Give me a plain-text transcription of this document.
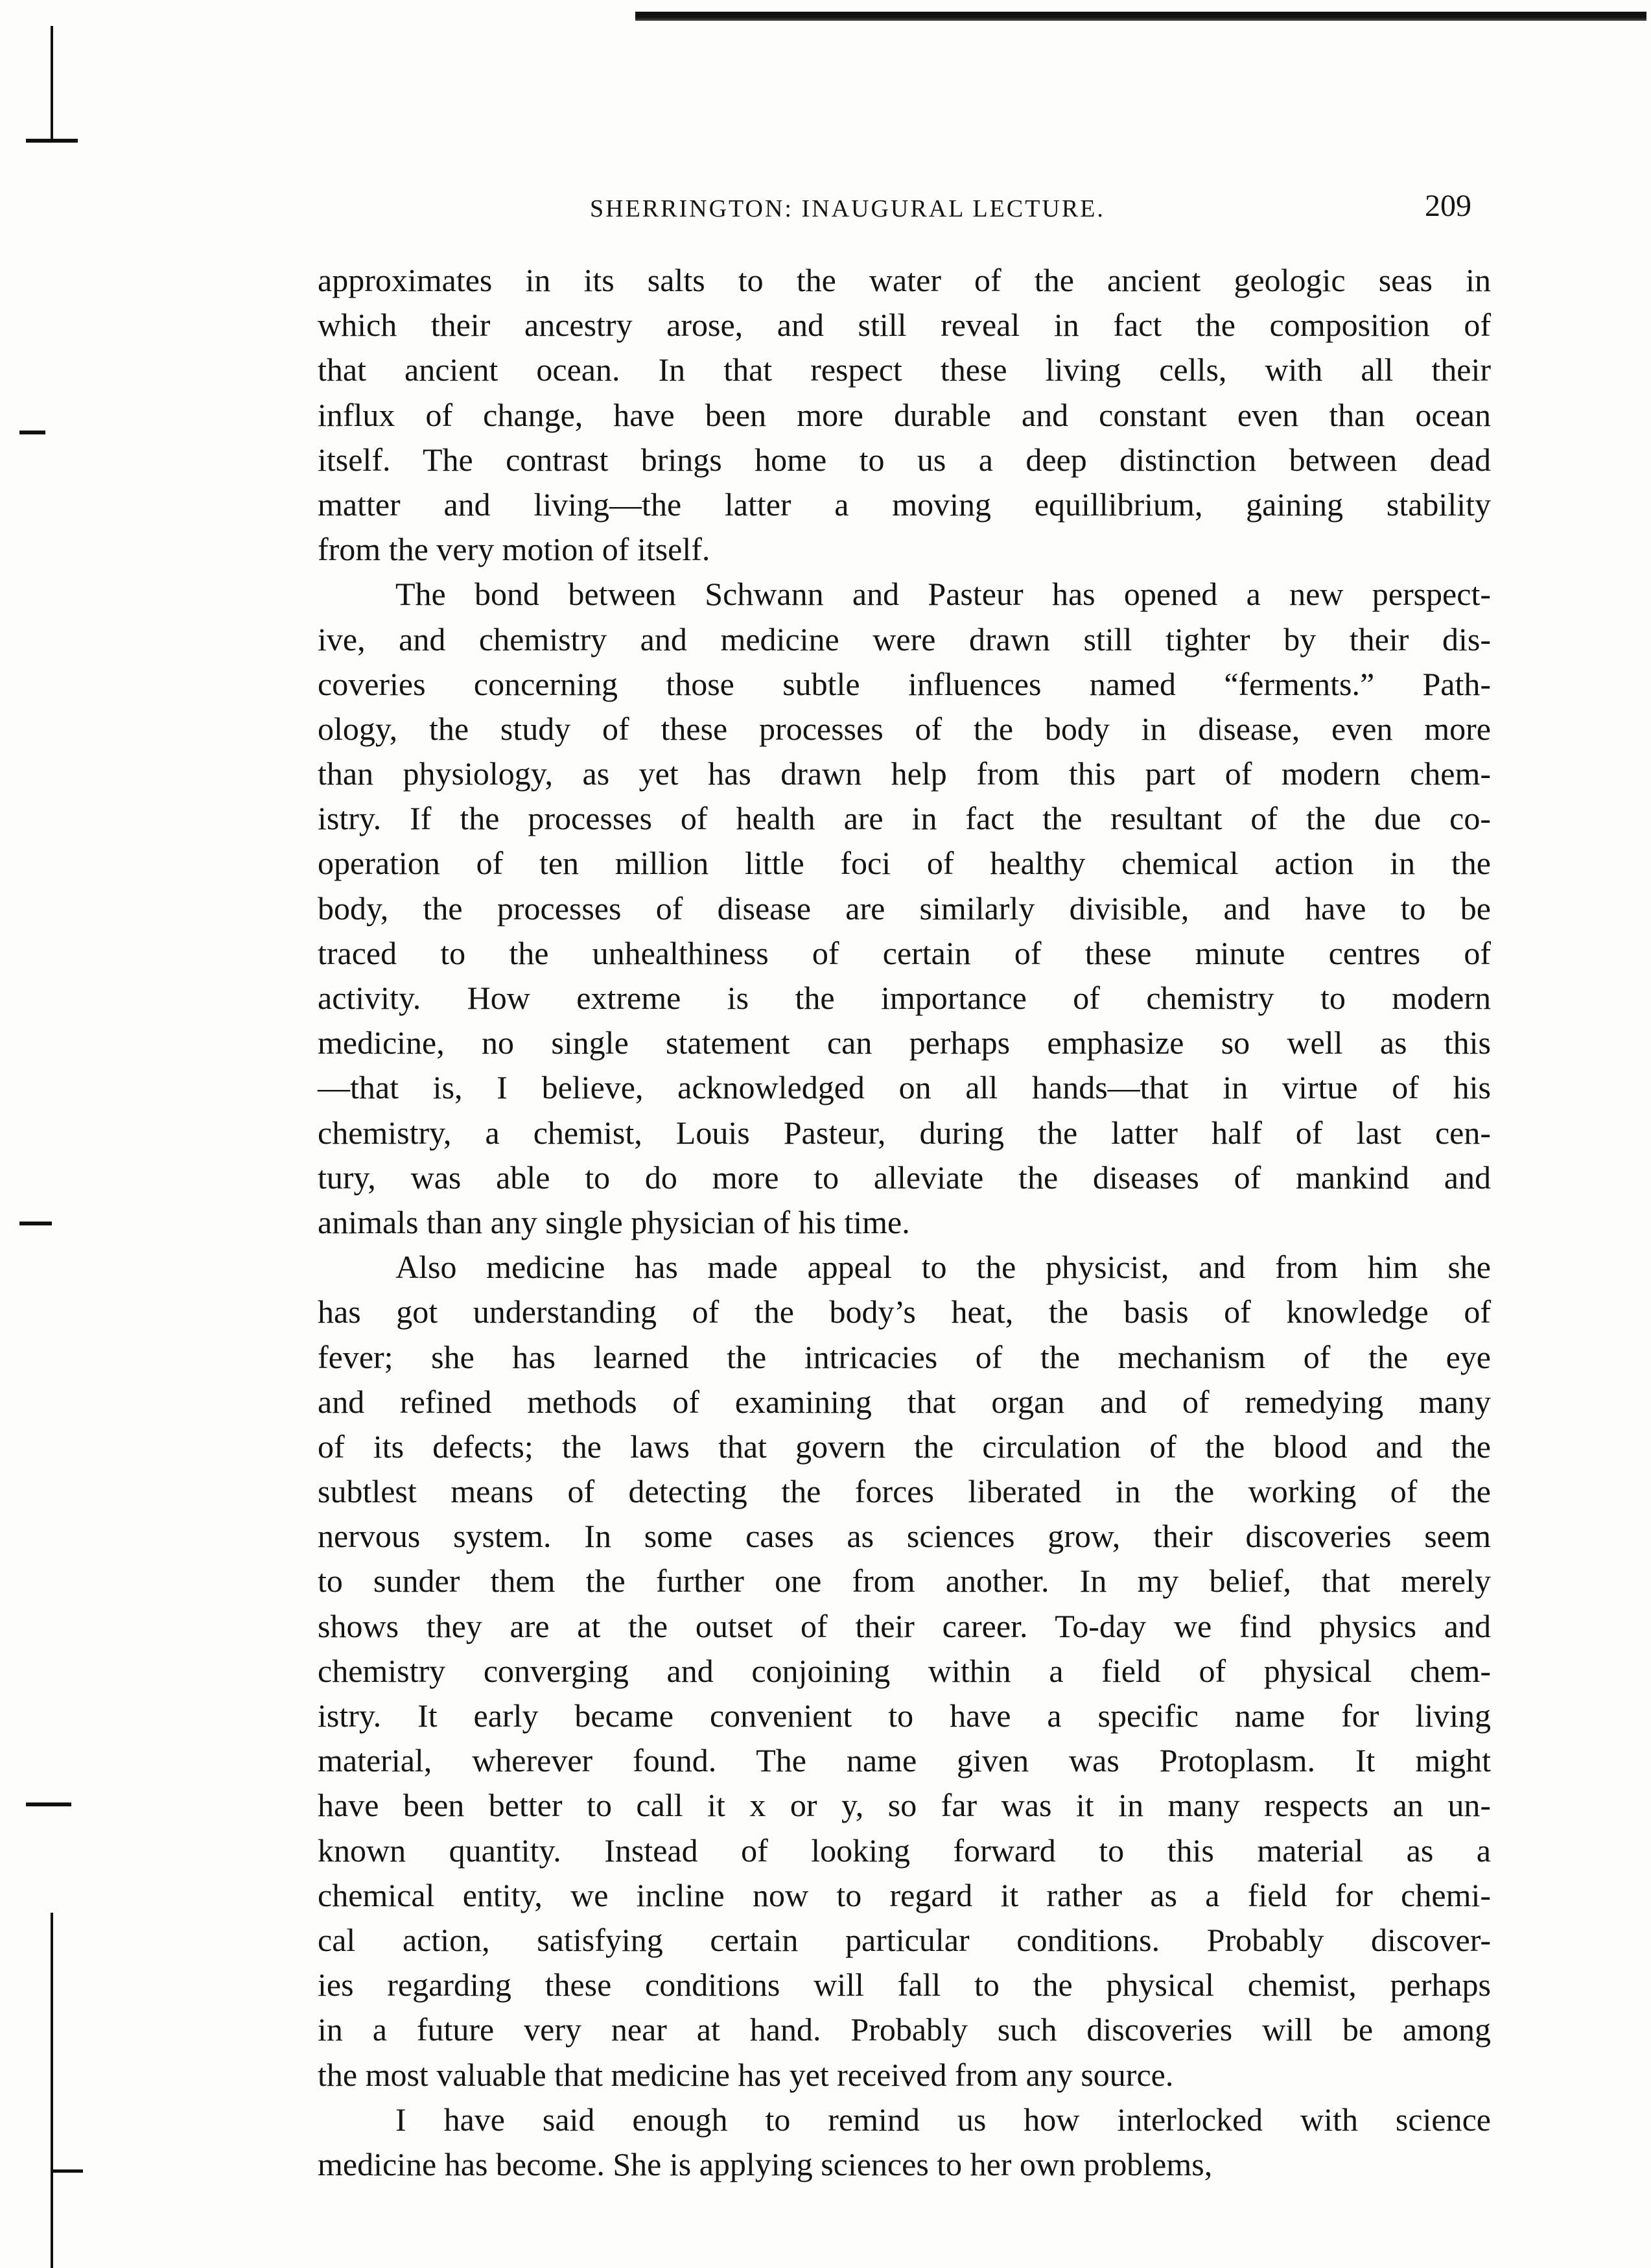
SHERRINGTON: INAUGURAL LECTURE.	209
approximates in its salts to the water of the ancient geologic seas in
which their ancestry arose, and still reveal in fact the composition of
that ancient ocean. In that respect these living cells, with all their
influx of change, have been more durable and constant even than ocean
itself. The contrast brings home to us a deep distinction between dead
matter and living—the latter a moving equillibrium, gaining stability
from the very motion of itself.
The bond between Schwann and Pasteur has opened a new perspect-
ive, and chemistry and medicine were drawn still tighter by their dis-
coveries concerning those subtle influences named “ferments.” Path-
ology, the study of these processes of the body in disease, even more
than physiology, as yet has drawn help from this part of modern chem-
istry. If the processes of health are in fact the resultant of the due co-
operation of ten million little foci of healthy chemical action in the
body, the processes of disease are similarly divisible, and have to be
traced to the unhealthiness of certain of these minute centres of
activity. How extreme is the importance of chemistry to modern
medicine, no single statement can perhaps emphasize so well as this
—that is, I believe, acknowledged on all hands—that in virtue of his
chemistry, a chemist, Louis Pasteur, during the latter half of last cen-
tury, was able to do more to alleviate the diseases of mankind and
animals than any single physician of his time.
Also medicine has made appeal to the physicist, and from him she
has got understanding of the body’s heat, the basis of knowledge of
fever; she has learned the intricacies of the mechanism of the eye
and refined methods of examining that organ and of remedying many
of its defects; the laws that govern the circulation of the blood and the
subtlest means of detecting the forces liberated in the working of the
nervous system. In some cases as sciences grow, their discoveries seem
to sunder them the further one from another. In my belief, that merely
shows they are at the outset of their career. To-day we find physics and
chemistry converging and conjoining within a field of physical chem-
istry. It early became convenient to have a specific name for living
material, wherever found. The name given was Protoplasm. It might
have been better to call it x or y, so far was it in many respects an un-
known quantity. Instead of looking forward to this material as a
chemical entity, we incline now to regard it rather as a field for chemi-
cal action, satisfying certain particular conditions. Probably discover-
ies regarding these conditions will fall to the physical chemist, perhaps
in a future very near at hand. Probably such discoveries will be among
the most valuable that medicine has yet received from any source.
I have said enough to remind us how interlocked with science
medicine has become. She is applying sciences to her own problems,
